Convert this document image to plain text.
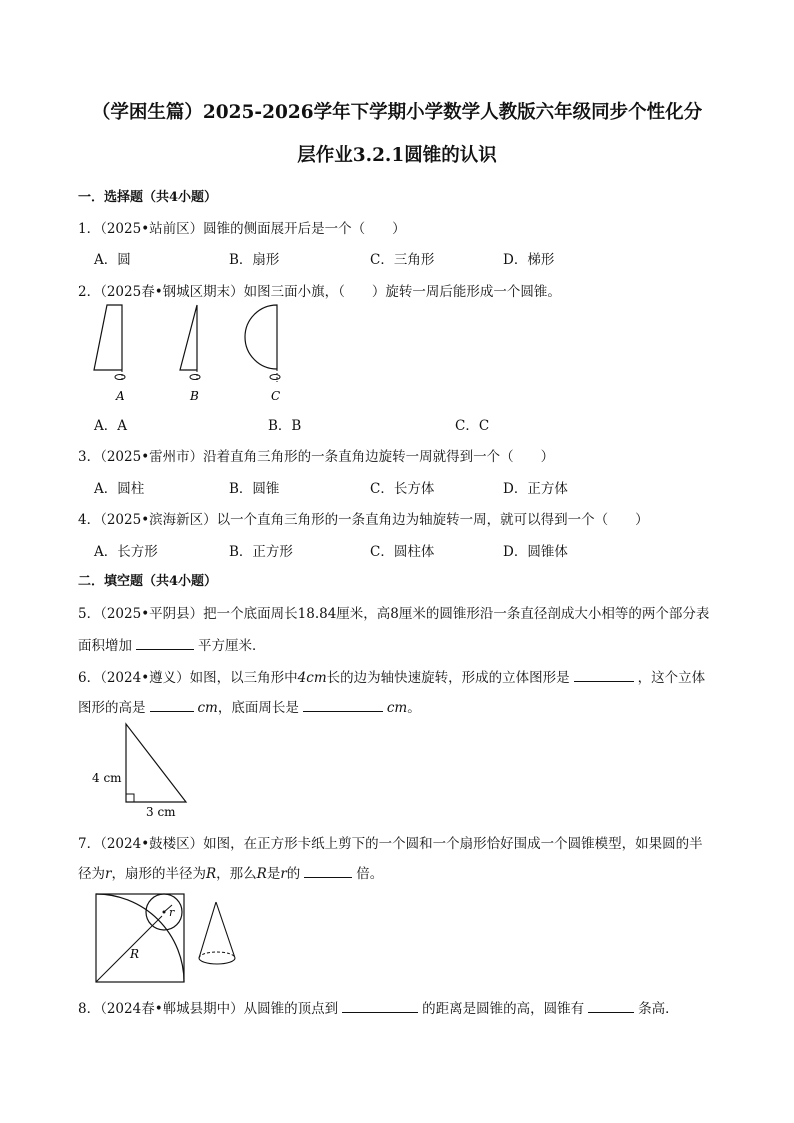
（学困生篇）2025-2026学年下学期小学数学人教版六年级同步个性化分
层作业3.2.1圆锥的认识
一．选择题（共4小题）
1．（2025•站前区）圆锥的侧面展开后是一个（　　）
A．圆	B．扇形	C．三角形	D．梯形
2．（2025春•钢城区期末）如图三面小旗，（　　）旋转一周后能形成一个圆锥。
A	B	C
A．A	B．B	C．C
3．（2025•雷州市）沿着直角三角形的一条直角边旋转一周就得到一个（　　）
A．圆柱	B．圆锥	C．长方体	D．正方体
4．（2025•滨海新区）以一个直角三角形的一条直角边为轴旋转一周，就可以得到一个（　　）
A．长方形	B．正方形	C．圆柱体	D．圆锥体
二．填空题（共4小题）
5．（2025•平阴县）把一个底面周长18.84厘米，高8厘米的圆锥形沿一条直径剖成大小相等的两个部分表
面积增加	平方厘米．
6．（2024•遵义）如图，以三角形中4cm长的边为轴快速旋转，形成的立体图形是	，这个立体
图形的高是	cm，底面周长是	cm。
4 cm
3 cm
7．（2024•鼓楼区）如图，在正方形卡纸上剪下的一个圆和一个扇形恰好围成一个圆锥模型，如果圆的半
径为r，扇形的半径为R，那么R是r的	倍。
r
R
8．（2024春•郸城县期中）从圆锥的顶点到	的距离是圆锥的高，圆锥有	条高．
